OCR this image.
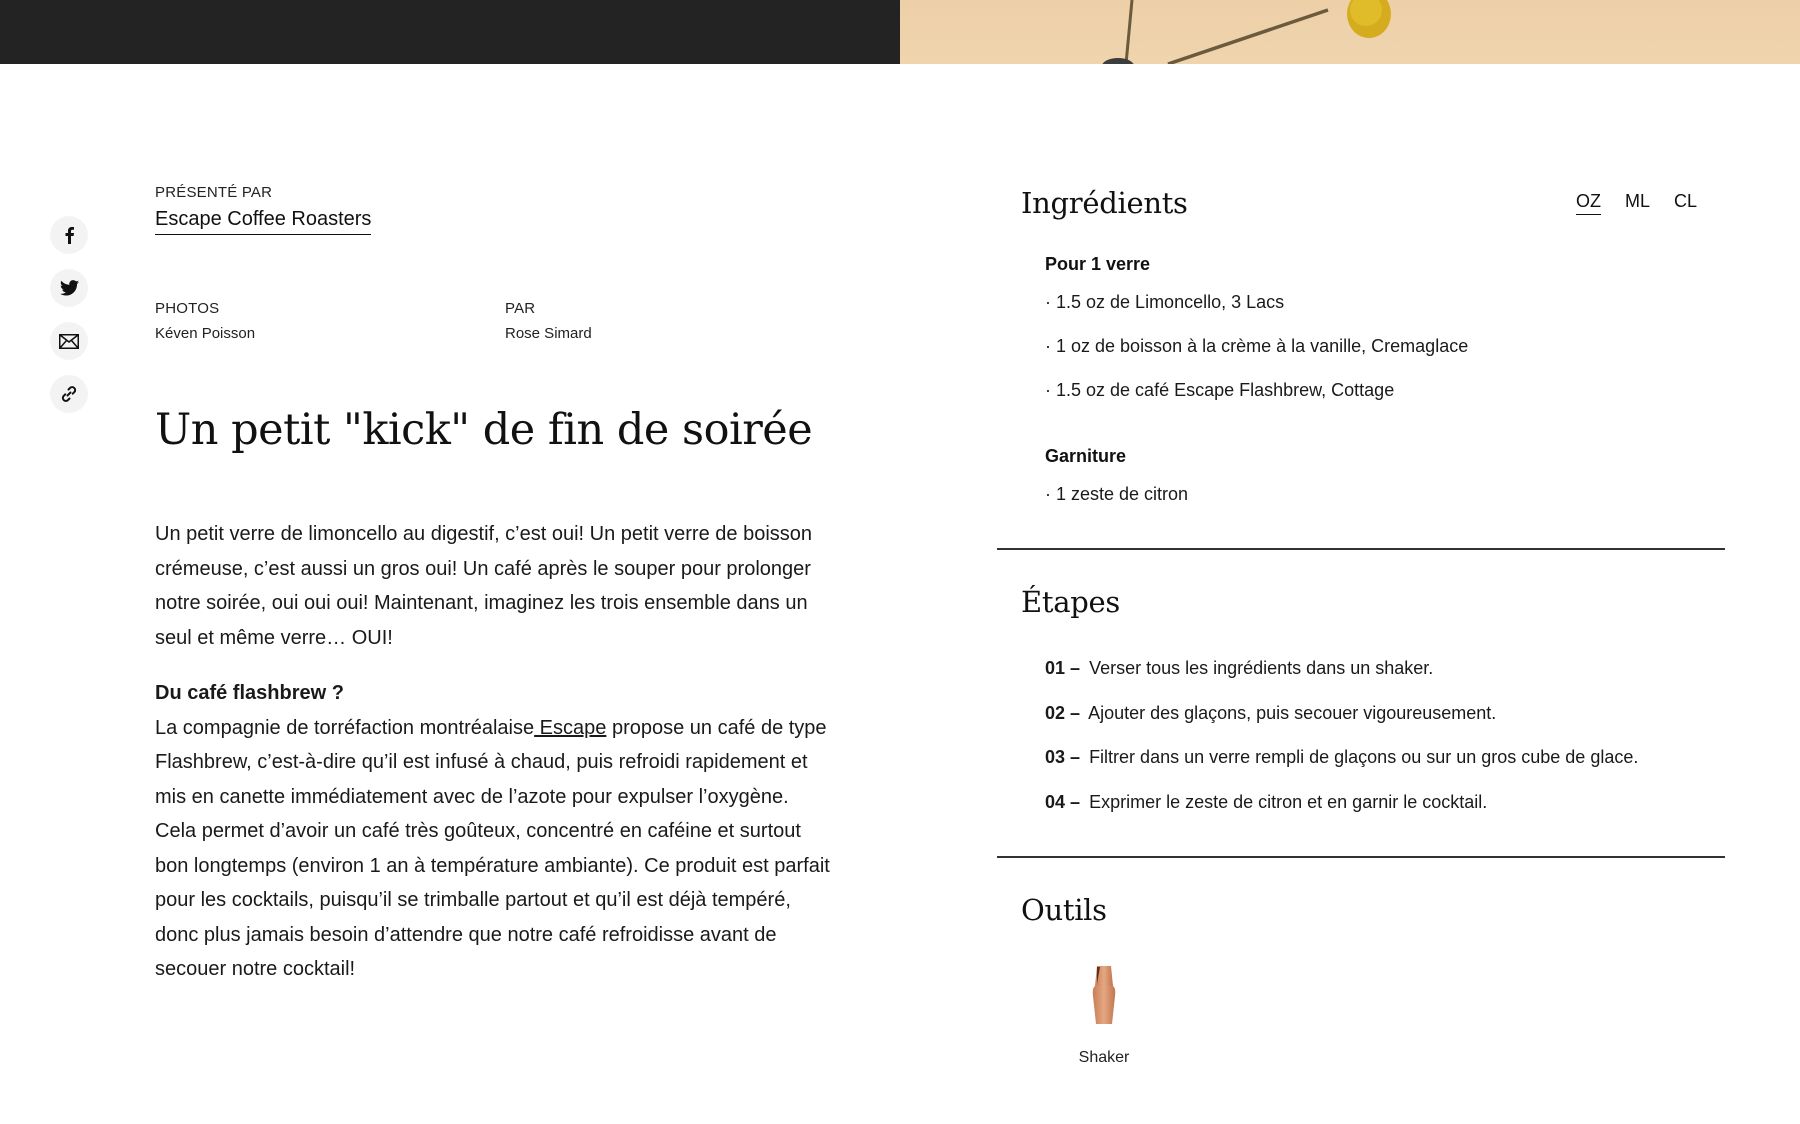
PRÉSENTÉ PAR
Escape Coffee Roasters
PHOTOS
Kéven Poisson
PAR
Rose Simard
Un petit "kick" de fin de soirée

Un petit verre de limoncello au digestif, c’est oui! Un petit verre de boisson crémeuse, c’est aussi un gros oui! Un café après le souper pour prolonger notre soirée, oui oui oui! Maintenant, imaginez les trois ensemble dans un seul et même verre… OUI!

Du café flashbrew ?

La compagnie de torréfaction montréalaise Escape propose un café de type Flashbrew, c’est-à-dire qu’il est infusé à chaud, puis refroidi rapidement et mis en canette immédiatement avec de l’azote pour expulser l’oxygène. Cela permet d’avoir un café très goûteux, concentré en caféine et surtout bon longtemps (environ 1 an à température ambiante). Ce produit est parfait pour les cocktails, puisqu’il se trimballe partout et qu’il est déjà tempéré, donc plus jamais besoin d’attendre que notre café refroidisse avant de secouer notre cocktail!

Ingrédients	OZ ML CL
Pour 1 verre
· 1.5 oz de Limoncello, 3 Lacs
· 1 oz de boisson à la crème à la vanille, Cremaglace
· 1.5 oz de café Escape Flashbrew, Cottage
Garniture
· 1 zeste de citron
Étapes
01 – Verser tous les ingrédients dans un shaker.
02 – Ajouter des glaçons, puis secouer vigoureusement.
03 – Filtrer dans un verre rempli de glaçons ou sur un gros cube de glace.
04 – Exprimer le zeste de citron et en garnir le cocktail.
Outils
Shaker
